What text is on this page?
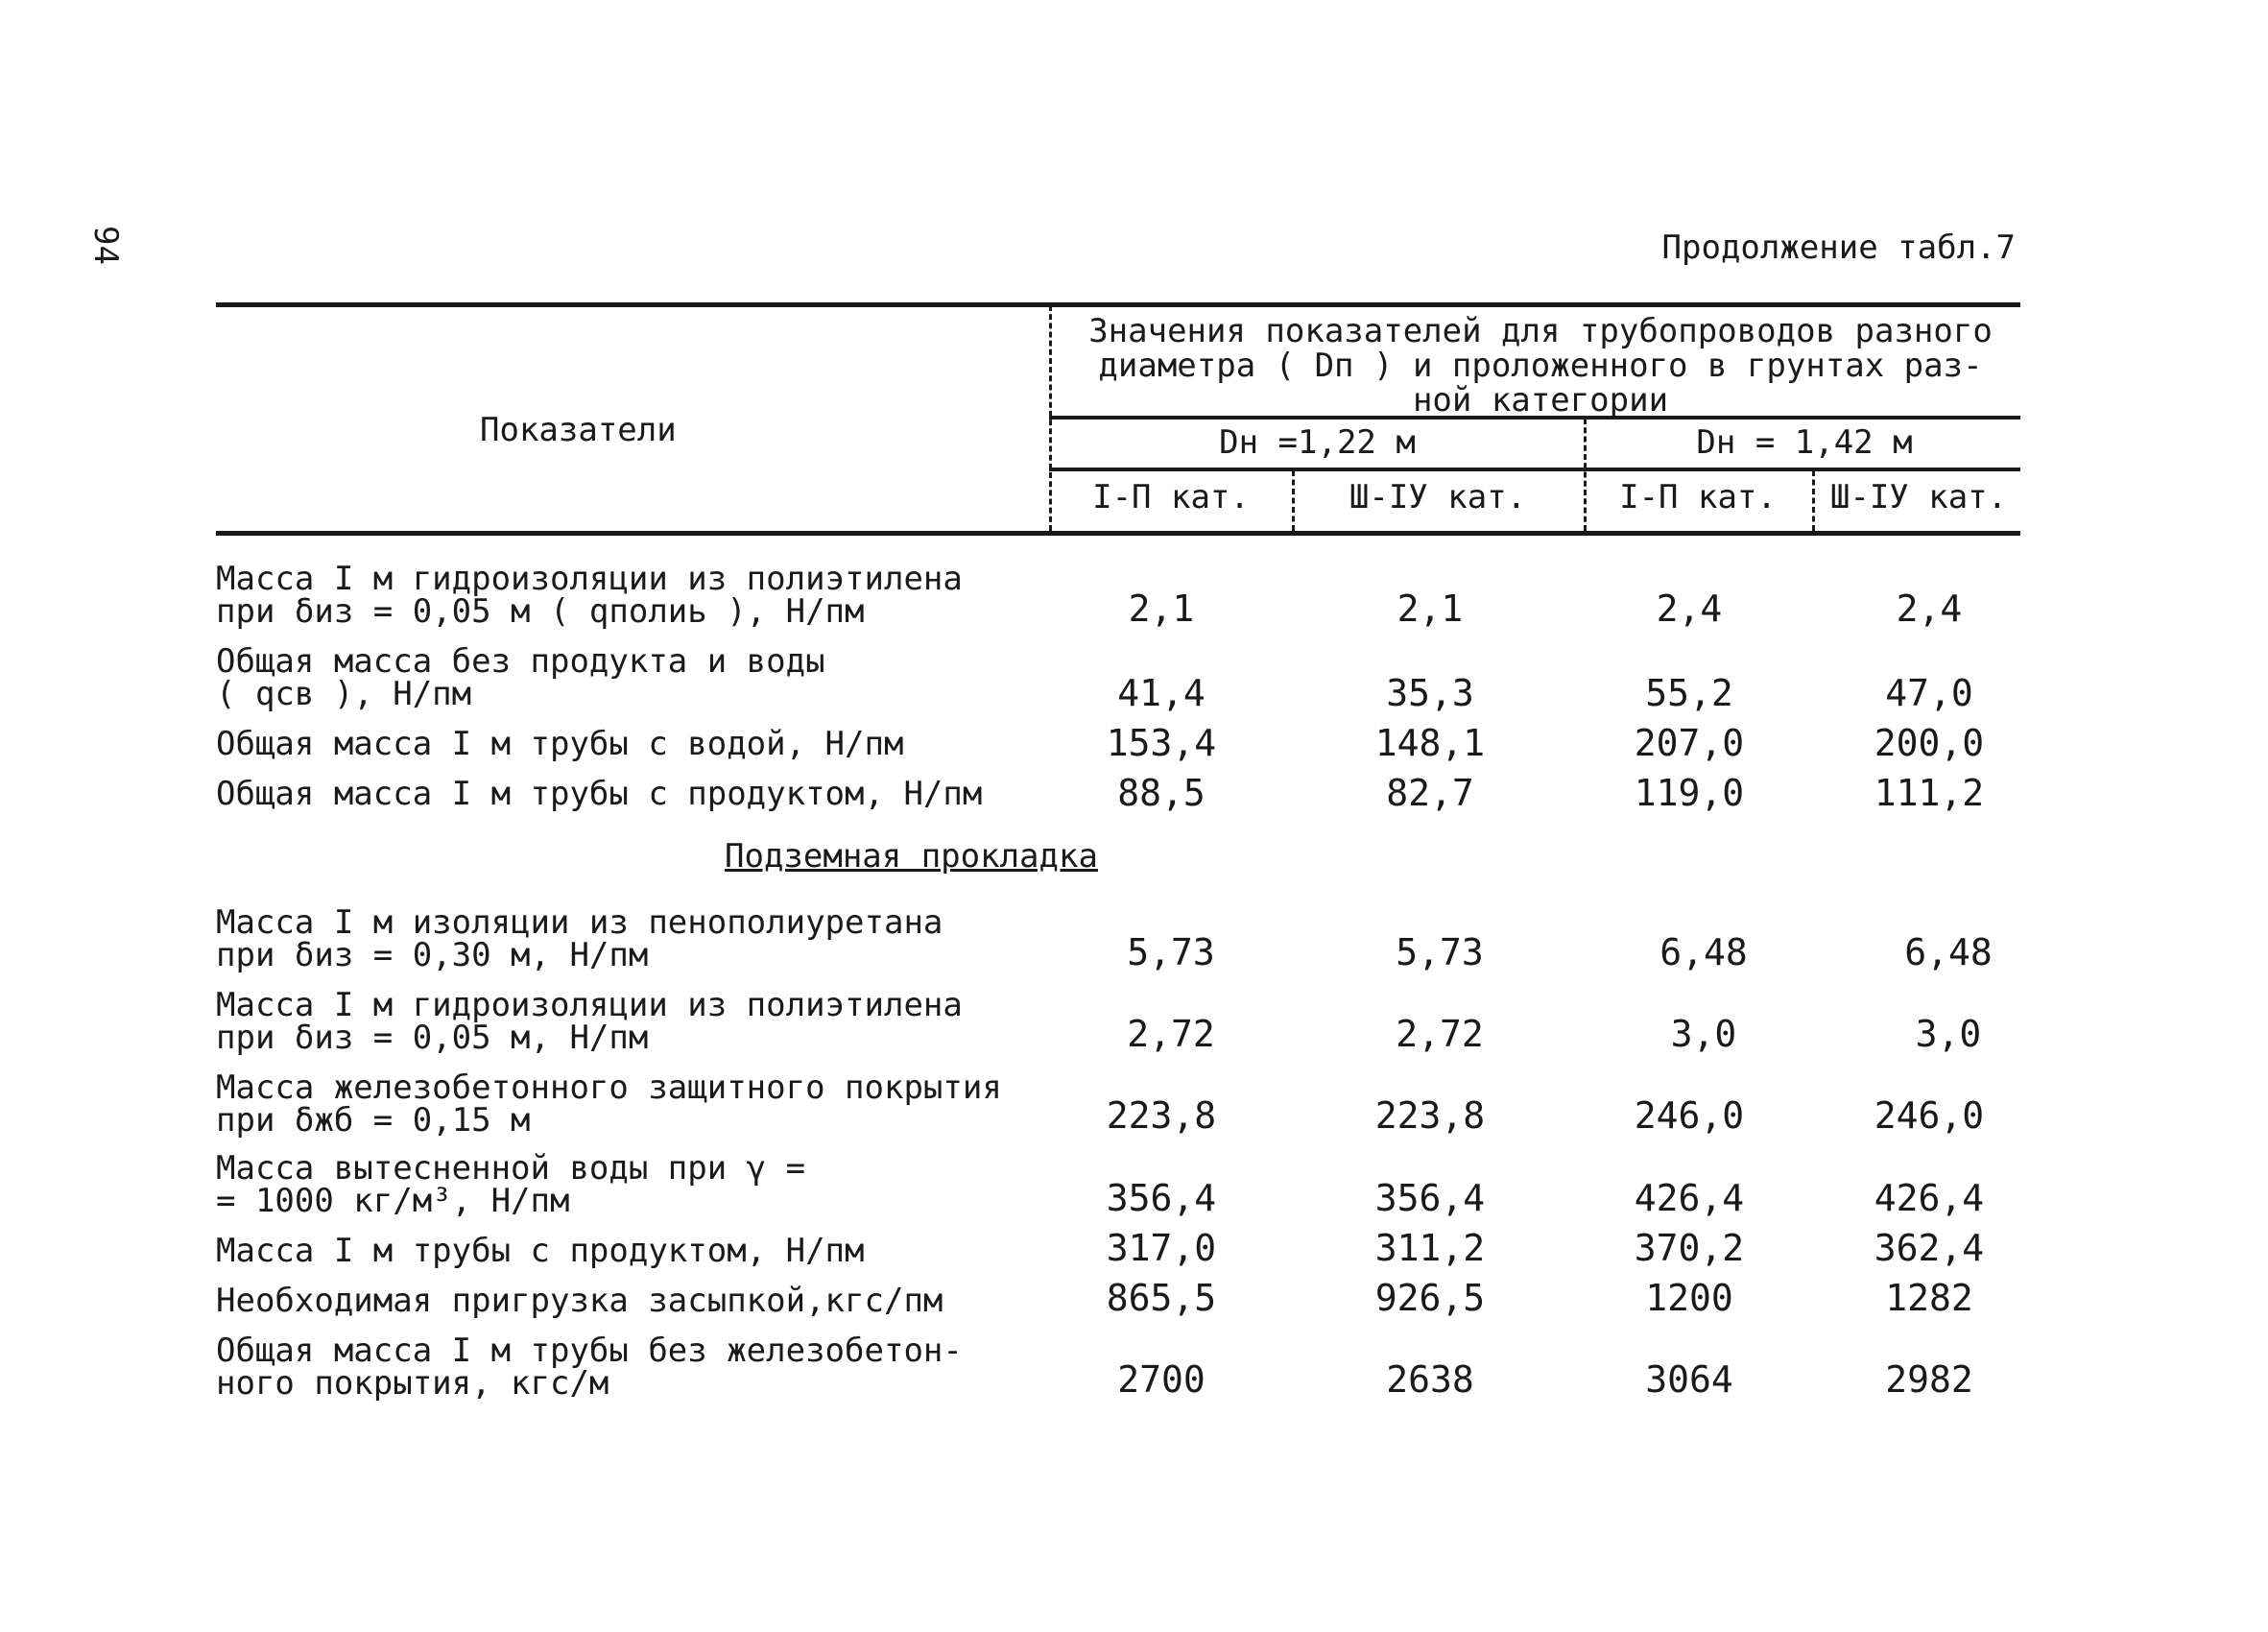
94	Продолжение табл.7
Показатели
Значения показателей для трубопроводов разного
диаметра ( Dп ) и проложенного в грунтах раз-
ной категории
Dн =1,22 м	Dн = 1,42 м
I-П кат.	Ш-IУ кат.	I-П кат.	Ш-IУ кат.
Масса I м гидроизоляции из полиэтилена
при δиз = 0,05 м ( qполиь ), Н/пм	2,1	2,1	2,4	2,4
Общая масса без продукта и воды
( qсв ), Н/пм	41,4	35,3	55,2	47,0
Общая масса I м трубы с водой, Н/пм	153,4	148,1	207,0	200,0
Общая масса I м трубы с продуктом, Н/пм	88,5	82,7	119,0	111,2
Подземная прокладка
Масса I м изоляции из пенополиуретана
при δиз = 0,30 м, Н/пм	5,73	5,73	6,48	6,48
Масса I м гидроизоляции из полиэтилена
при δиз = 0,05 м, Н/пм	2,72	2,72	3,0	3,0
Масса железобетонного защитного покрытия
при δжб = 0,15 м	223,8	223,8	246,0	246,0
Масса вытесненной воды при γ =
= 1000 кг/м³, Н/пм	356,4	356,4	426,4	426,4
Масса I м трубы с продуктом, Н/пм	317,0	311,2	370,2	362,4
Необходимая пригрузка засыпкой,кгс/пм	865,5	926,5	1200	1282
Общая масса I м трубы без железобетон-
ного покрытия, кгс/м	2700	2638	3064	2982
